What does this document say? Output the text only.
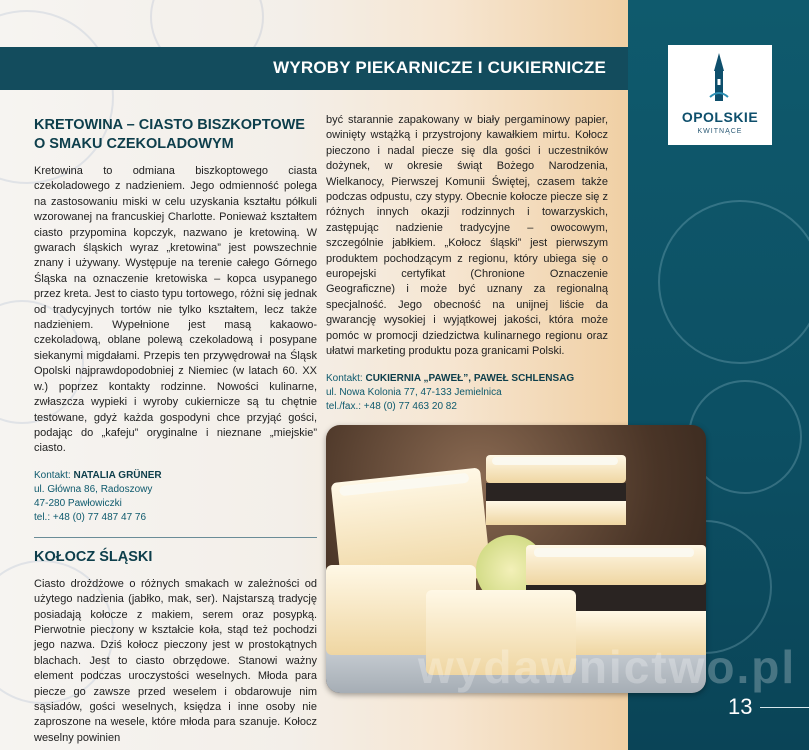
WYROBY PIEKARNICZE I CUKIERNICZE
OPOLSKIE
KWITNĄCE
KRETOWINA – CIASTO BISZKOPTOWE O SMAKU CZEKOLADOWYM

Kretowina to odmiana biszkoptowego ciasta czekoladowego z nadzieniem. Jego odmienność polega na zastosowaniu miski w celu uzyskania kształtu półkuli wzorowanej na francuskiej Charlotte. Ponieważ kształtem ciasto przypomina kopczyk, nazwano je kretowiną. W gwarach śląskich wyraz „kretowina” jest powszechnie znany i używany. Występuje na terenie całego Górnego Śląska na oznaczenie kretowiska – kopca usypanego przez kreta. Jest to ciasto typu tortowego, różni się jednak od tradycyjnych tortów nie tylko kształtem, lecz także nadzieniem. Wypełnione jest masą kakaowo-czekoladową, oblane polewą czekoladową i posypane siekanymi migdałami. Przepis ten przywędrował na Śląsk Opolski najprawdopodobniej z Niemiec (w latach 60. XX w.) poprzez kontakty rodzinne. Nowości kulinarne, zwłaszcza wypieki i wyroby cukiernicze są tu chętnie testowane, gdyż każda gospodyni chce przyjąć gości, podając do „kafeju” oryginalne i nieznane „miejskie” ciasto.

Kontakt: NATALIA GRÜNER
ul. Główna 86, Radoszowy
47-280 Pawłowiczki
tel.: +48 (0) 77 487 47 76
KOŁOCZ ŚLĄSKI

Ciasto drożdżowe o różnych smakach w zależności od użytego nadzienia (jabłko, mak, ser). Najstarszą tradycję posiadają kołocze z makiem, serem oraz posypką. Pierwotnie pieczony w kształcie koła, stąd też pochodzi jego nazwa. Dziś kołocz pieczony jest w prostokątnych blachach. Jest to ciasto obrzędowe. Stanowi ważny element podczas uroczystości weselnych. Młoda para piecze go zawsze przed weselem i obdarowuje nim sąsiadów, gości weselnych, księdza i inne osoby nie zaproszone na wesele, które młoda para szanuje. Kołocz weselny powinien

być starannie zapakowany w biały pergaminowy papier, owinięty wstążką i przystrojony kawałkiem mirtu. Kołocz pieczono i nadal piecze się dla gości i uczestników dożynek, w okresie świąt Bożego Narodzenia, Wielkanocy, Pierwszej Komunii Świętej, czasem także podczas odpustu, czy stypy. Obecnie kołocze piecze się z różnych innych okazji rodzinnych i towarzyskich, zastępując nadzienie tradycyjne – owocowym, szczególnie jabłkiem. „Kołocz śląski” jest pierwszym produktem pochodzącym z regionu, który ubiega się o europejski certyfikat (Chronione Oznaczenie Geograficzne) i może być uznany za regionalną specjalność. Jego obecność na unijnej liście da gwarancję wysokiej i wyjątkowej jakości, która może pomóc w promocji dziedzictwa kulinarnego regionu oraz ułatwi marketing produktu poza granicami Polski.

Kontakt: CUKIERNIA „PAWEŁ”, PAWEŁ SCHLENSAG
ul. Nowa Kolonia 77, 47-133 Jemielnica
tel./fax.: +48 (0) 77 463 20 82
wydawnictwo.pl
13
